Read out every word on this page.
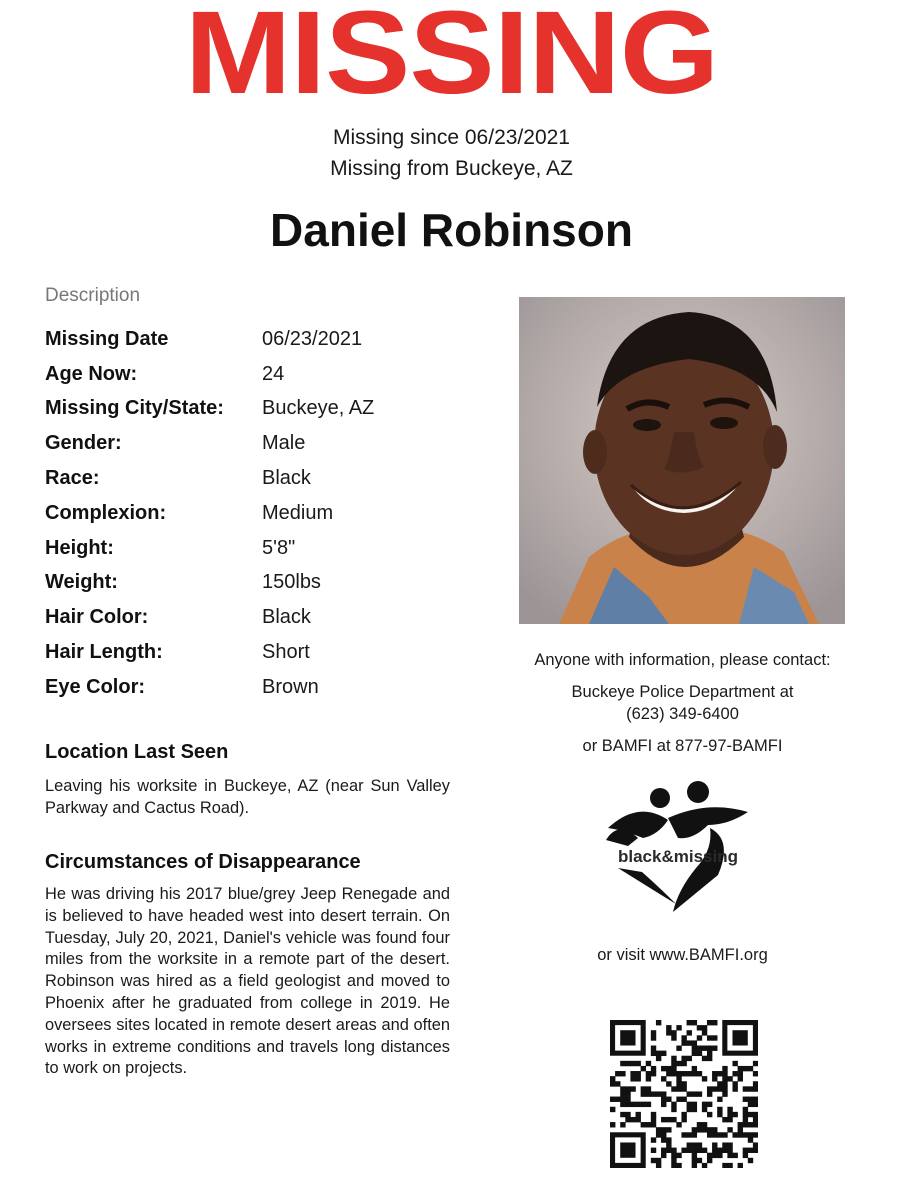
MISSING
Missing since 06/23/2021
Missing from Buckeye, AZ
Daniel Robinson
Description
Missing Date	06/23/2021
Age Now:	24
Missing City/State:	Buckeye, AZ
Gender:	Male
Race:	Black
Complexion:	Medium
Height:	5'8"
Weight:	150lbs
Hair Color:	Black
Hair Length:	Short
Eye Color:	Brown
Location Last Seen
Leaving his worksite in Buckeye, AZ (near Sun Valley Parkway and Cactus Road).
Circumstances of Disappearance
He was driving his 2017 blue/grey Jeep Renegade and is believed to have headed west into desert terrain. On Tuesday, July 20, 2021, Daniel's vehicle was found four miles from the worksite in a remote part of the desert. Robinson was hired as a field geologist and moved to Phoenix after he graduated from college in 2019. He oversees sites located in remote desert areas and often works in extreme conditions and travels long distances to work on projects.
Anyone with information, please contact:
Buckeye Police Department at
(623) 349-6400
or BAMFI at 877-97-BAMFI
black&missing
or visit www.BAMFI.org
